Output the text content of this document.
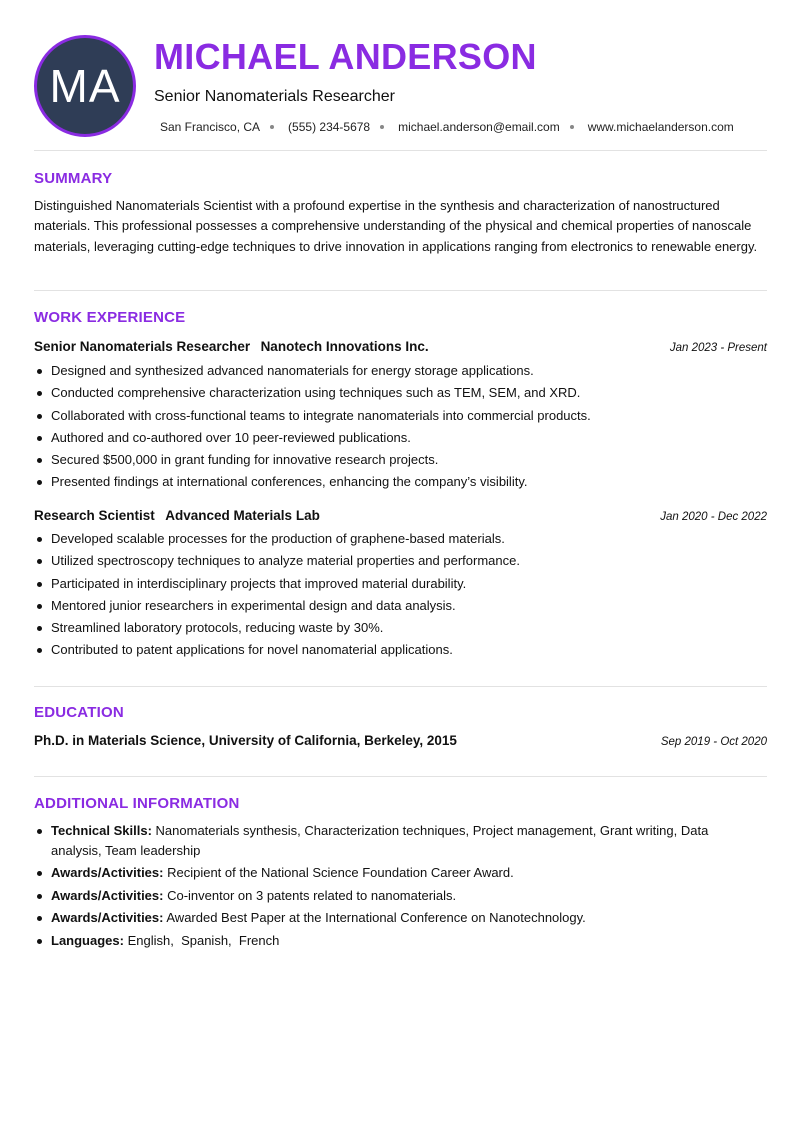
MA
MICHAEL ANDERSON
Senior Nanomaterials Researcher
San Francisco, CA (555) 234-5678 michael.anderson@email.com www.michaelanderson.com
SUMMARY

Distinguished Nanomaterials Scientist with a profound expertise in the synthesis and characterization of nanostructured materials. This professional possesses a comprehensive understanding of the physical and chemical properties of nanoscale materials, leveraging cutting-edge techniques to drive innovation in applications ranging from electronics to renewable energy.

WORK EXPERIENCE
Senior Nanomaterials Researcher Nanotech Innovations Inc.	Jan 2023 - Present
Designed and synthesized advanced nanomaterials for energy storage applications.
Conducted comprehensive characterization using techniques such as TEM, SEM, and XRD.
Collaborated with cross-functional teams to integrate nanomaterials into commercial products.
Authored and co-authored over 10 peer-reviewed publications.
Secured $500,000 in grant funding for innovative research projects.
Presented findings at international conferences, enhancing the company’s visibility.
Research Scientist Advanced Materials Lab	Jan 2020 - Dec 2022
Developed scalable processes for the production of graphene-based materials.
Utilized spectroscopy techniques to analyze material properties and performance.
Participated in interdisciplinary projects that improved material durability.
Mentored junior researchers in experimental design and data analysis.
Streamlined laboratory protocols, reducing waste by 30%.
Contributed to patent applications for novel nanomaterial applications.
EDUCATION
Ph.D. in Materials Science, University of California, Berkeley, 2015	Sep 2019 - Oct 2020
ADDITIONAL INFORMATION
Technical Skills: Nanomaterials synthesis, Characterization techniques, Project management, Grant writing, Data analysis, Team leadership
Awards/Activities: Recipient of the National Science Foundation Career Award.
Awards/Activities: Co-inventor on 3 patents related to nanomaterials.
Awards/Activities: Awarded Best Paper at the International Conference on Nanotechnology.
Languages: English,  Spanish,  French
